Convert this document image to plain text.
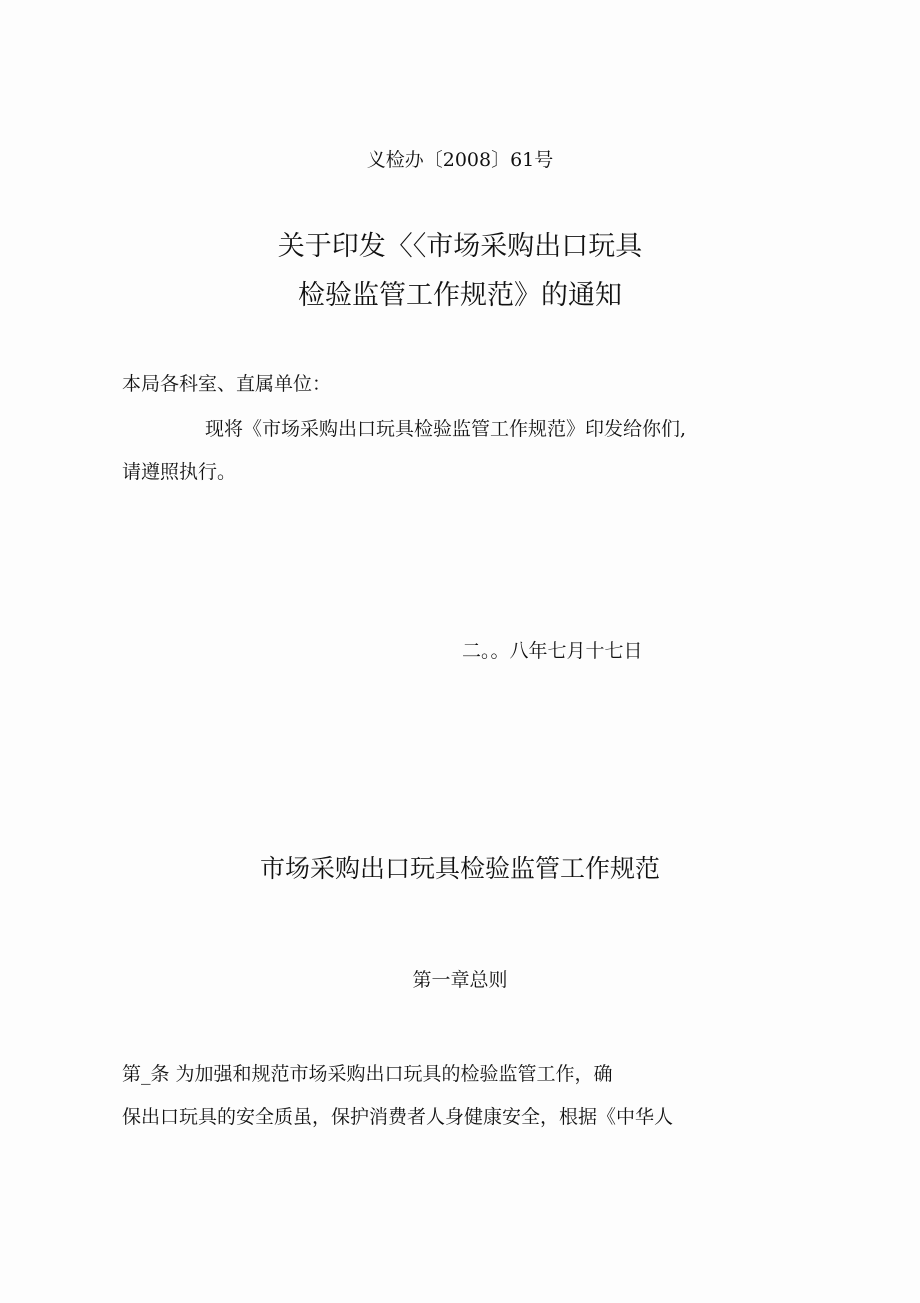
义检办〔2008〕61号
关于印发〈〈市场采购出口玩具
检验监管工作规范》的通知
本局各科室、直属单位：
现将《市场采购出口玩具检验监管工作规范》印发给你们,
请遵照执行。
二。。八年七月十七日
市场采购出口玩具检验监管工作规范
第一章总则
第_条 为加强和规范市场采购出口玩具的检验监管工作，确
保出口玩具的安全质虽，保护消费者人身健康安全，根据《中华人
